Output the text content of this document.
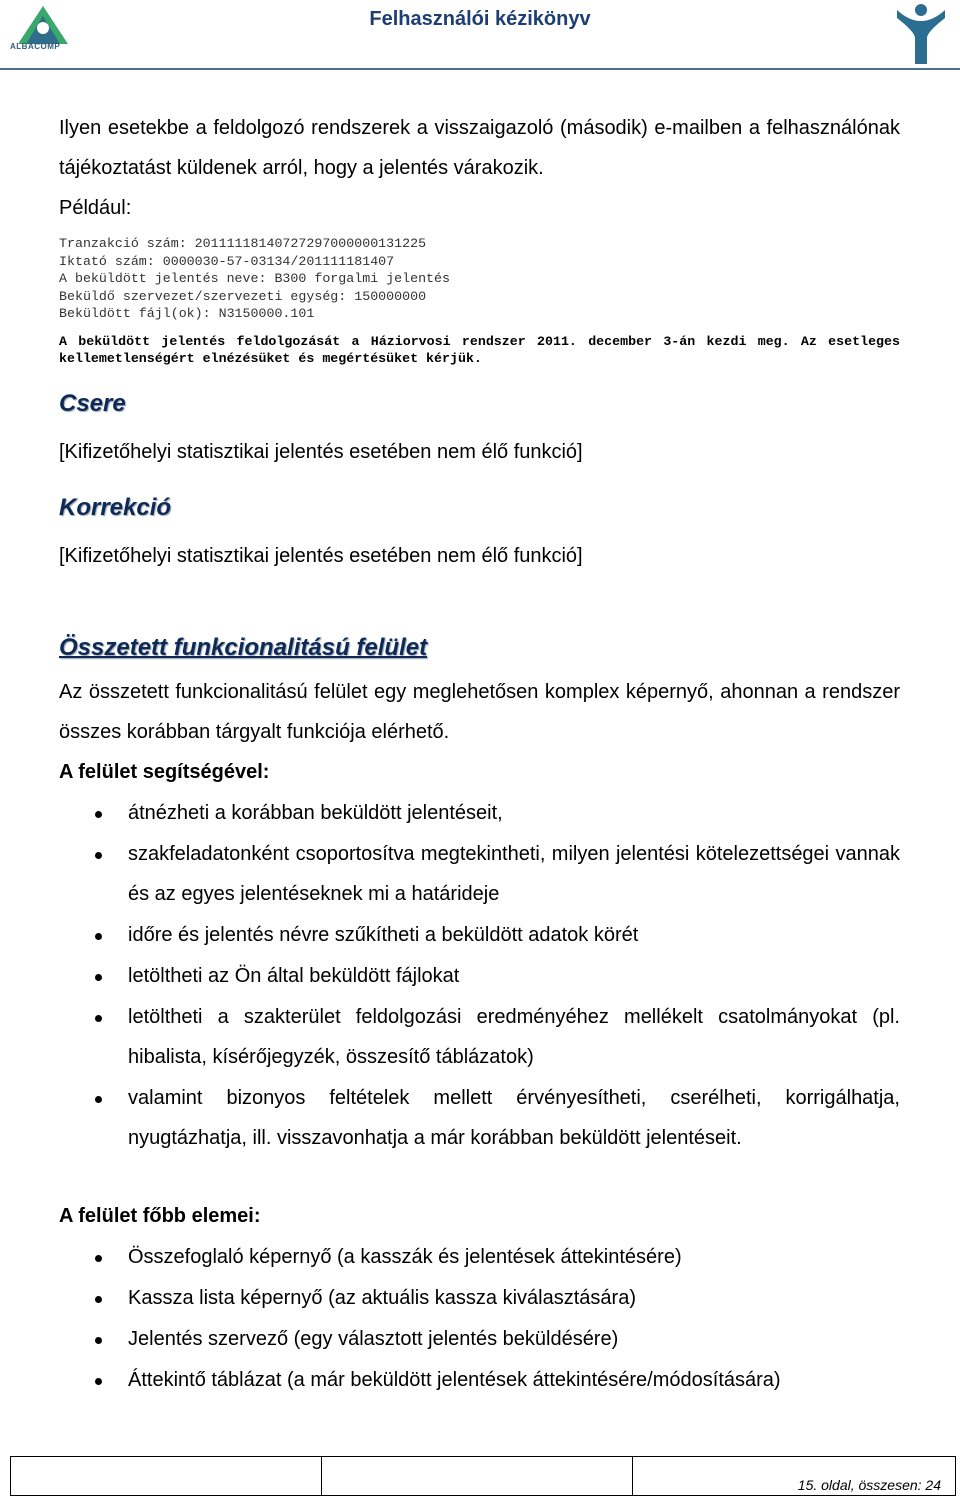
ALBACOMP
Felhasználói kézikönyv

Ilyen esetekbe a feldolgozó rendszerek a visszaigazoló (második) e-mailben a felhasználónak tájékoztatást küldenek arról, hogy a jelentés várakozik.

Például:

Tranzakció szám: 20111118140727297000000131225

Iktató szám: 0000030-57-03134/201111181407

A beküldött jelentés neve: B300 forgalmi jelentés

Beküldő szervezet/szervezeti egység: 150000000

Beküldött fájl(ok): N3150000.101

A beküldött jelentés feldolgozását a Háziorvosi rendszer 2011. december 3-án kezdi meg. Az esetleges kellemetlenségért elnézésüket és megértésüket kérjük.

Csere

[Kifizetőhelyi statisztikai jelentés esetében nem élő funkció]

Korrekció

[Kifizetőhelyi statisztikai jelentés esetében nem élő funkció]

Összetett funkcionalitású felület

Az összetett funkcionalitású felület egy meglehetősen komplex képernyő, ahonnan a rendszer összes korábban tárgyalt funkciója elérhető.

A felület segítségével:

átnézheti a korábban beküldött jelentéseit,
szakfeladatonként csoportosítva megtekintheti, milyen jelentési kötelezettségei vannak és az egyes jelentéseknek mi a határideje
időre és jelentés névre szűkítheti a beküldött adatok körét
letöltheti az Ön által beküldött fájlokat
letöltheti a szakterület feldolgozási eredményéhez mellékelt csatolmányokat (pl. hibalista, kísérőjegyzék, összesítő táblázatok)
valamint bizonyos feltételek mellett érvényesítheti, cserélheti, korrigálhatja, nyugtázhatja, ill. visszavonhatja a már korábban beküldött jelentéseit.

A felület főbb elemei:

Összefoglaló képernyő (a kasszák és jelentések áttekintésére)
Kassza lista képernyő (az aktuális kassza kiválasztására)
Jelentés szervező (egy választott jelentés beküldésére)
Áttekintő táblázat (a már beküldött jelentések áttekintésére/módosítására)
		15. oldal, összesen: 24
